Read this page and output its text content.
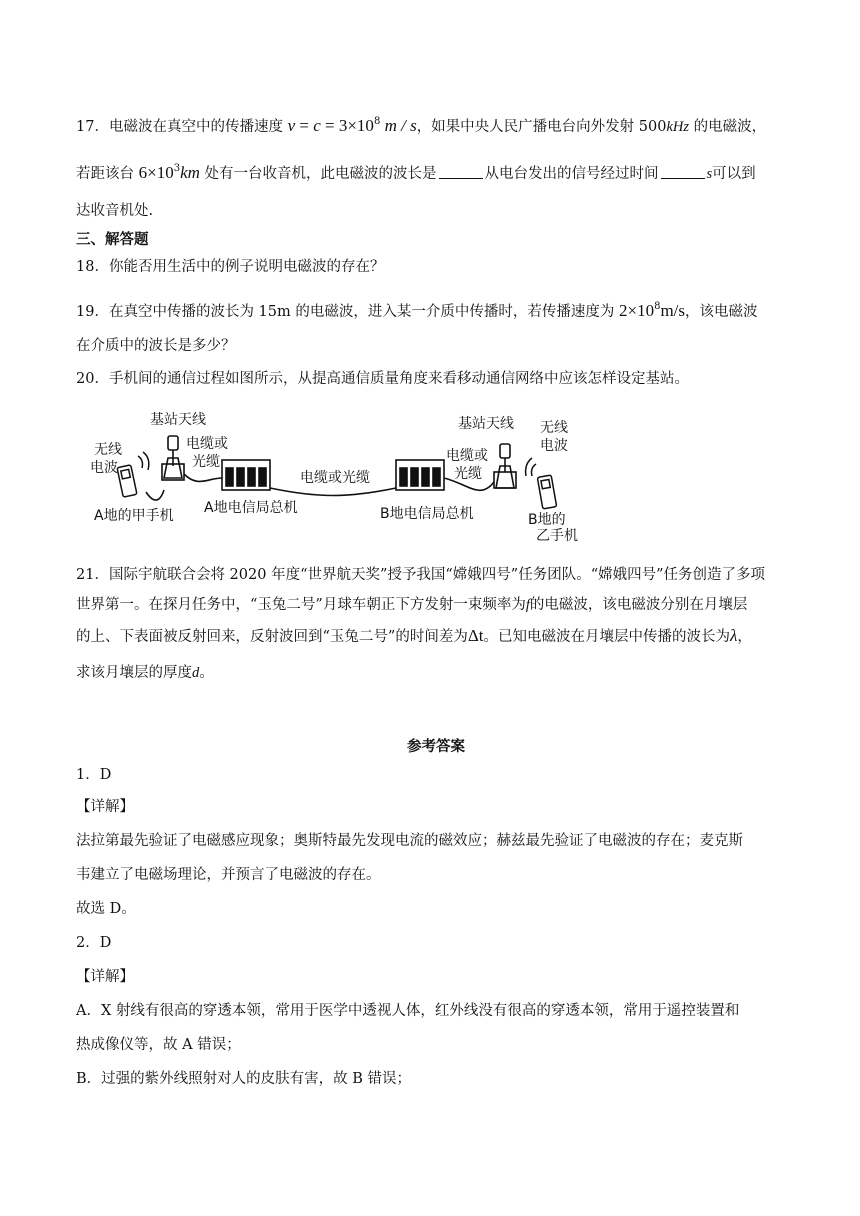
17．电磁波在真空中的传播速度 $v = c = 3\times 10^8$ m / s，如果中央人民广播电台向外发射 500kHz 的电磁波，
若距该台 $6\times 10^3km$ 处有一台收音机，此电磁波的波长是	从电台发出的信号经过时间	s可以到
达收音机处.
三、解答题
18．你能否用生活中的例子说明电磁波的存在？
19．在真空中传播的波长为 15m 的电磁波，进入某一介质中传播时，若传播速度为 $2\times 10^8m/s$，该电磁波
在介质中的波长是多少？
20．手机间的通信过程如图所示，从提高通信质量角度来看移动通信网络中应该怎样设定基站。
基站天线
电缆或
光缆
无线
电波
A地的甲手机 A地电信局总机
电缆或光缆
B地电信局总机
基站天线
电缆或
光缆
无线
电波
B地的
乙手机
21．国际宇航联合会将 2020 年度“世界航天奖”授予我国“嫦娥四号”任务团队。“嫦娥四号”任务创造了多项
世界第一。在探月任务中，“玉兔二号”月球车朝正下方发射一束频率为f的电磁波，该电磁波分别在月壤层
的上、下表面被反射回来，反射波回到“玉兔二号”的时间差为Δt。已知电磁波在月壤层中传播的波长为λ，
求该月壤层的厚度d。
参考答案
1．D
【详解】
法拉第最先验证了电磁感应现象；奥斯特最先发现电流的磁效应；赫兹最先验证了电磁波的存在；麦克斯
韦建立了电磁场理论，并预言了电磁波的存在。
故选 D。
2．D
【详解】
A．X 射线有很高的穿透本领，常用于医学中透视人体，红外线没有很高的穿透本领，常用于遥控装置和
热成像仪等，故 A 错误；
B．过强的紫外线照射对人的皮肤有害，故 B 错误；
